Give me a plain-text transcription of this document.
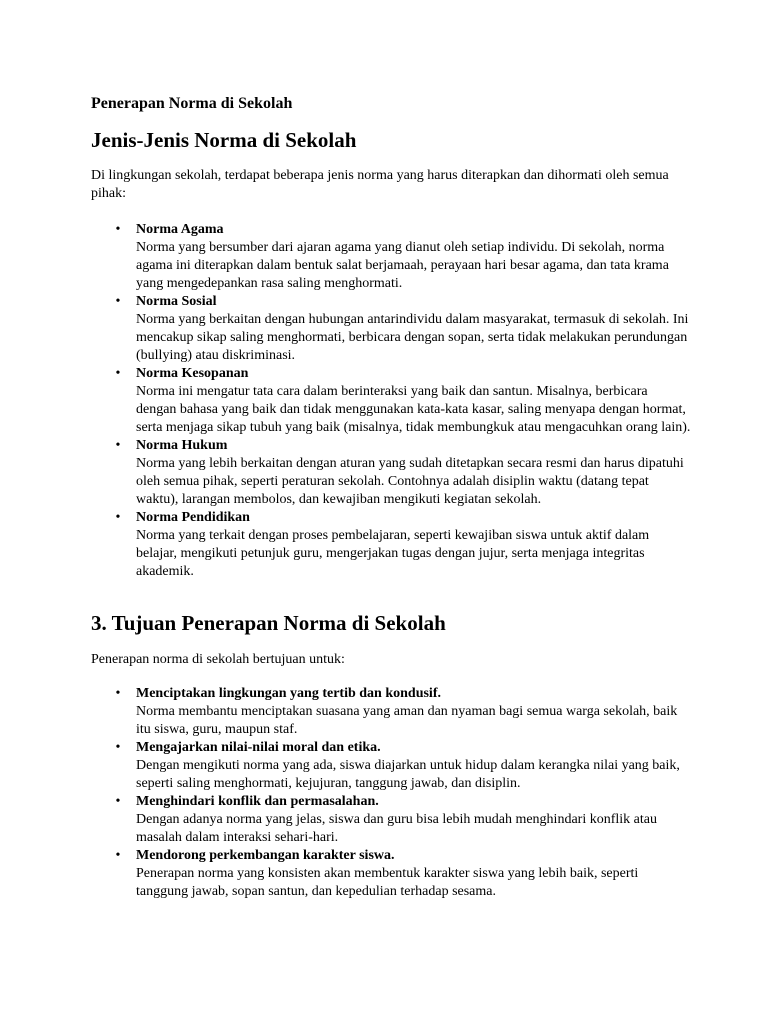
Penerapan Norma di Sekolah
Jenis-Jenis Norma di Sekolah

Di lingkungan sekolah, terdapat beberapa jenis norma yang harus diterapkan dan dihormati oleh semua pihak:

• Norma Agama
Norma yang bersumber dari ajaran agama yang dianut oleh setiap individu. Di sekolah, norma agama ini diterapkan dalam bentuk salat berjamaah, perayaan hari besar agama, dan tata krama yang mengedepankan rasa saling menghormati.
• Norma Sosial
Norma yang berkaitan dengan hubungan antarindividu dalam masyarakat, termasuk di sekolah. Ini mencakup sikap saling menghormati, berbicara dengan sopan, serta tidak melakukan perundungan (bullying) atau diskriminasi.
• Norma Kesopanan
Norma ini mengatur tata cara dalam berinteraksi yang baik dan santun. Misalnya, berbicara dengan bahasa yang baik dan tidak menggunakan kata-kata kasar, saling menyapa dengan hormat, serta menjaga sikap tubuh yang baik (misalnya, tidak membungkuk atau mengacuhkan orang lain).
• Norma Hukum
Norma yang lebih berkaitan dengan aturan yang sudah ditetapkan secara resmi dan harus dipatuhi oleh semua pihak, seperti peraturan sekolah. Contohnya adalah disiplin waktu (datang tepat waktu), larangan membolos, dan kewajiban mengikuti kegiatan sekolah.
• Norma Pendidikan
Norma yang terkait dengan proses pembelajaran, seperti kewajiban siswa untuk aktif dalam belajar, mengikuti petunjuk guru, mengerjakan tugas dengan jujur, serta menjaga integritas akademik.
3. Tujuan Penerapan Norma di Sekolah

Penerapan norma di sekolah bertujuan untuk:

• Menciptakan lingkungan yang tertib dan kondusif.
Norma membantu menciptakan suasana yang aman dan nyaman bagi semua warga sekolah, baik itu siswa, guru, maupun staf.
• Mengajarkan nilai-nilai moral dan etika.
Dengan mengikuti norma yang ada, siswa diajarkan untuk hidup dalam kerangka nilai yang baik, seperti saling menghormati, kejujuran, tanggung jawab, dan disiplin.
• Menghindari konflik dan permasalahan.
Dengan adanya norma yang jelas, siswa dan guru bisa lebih mudah menghindari konflik atau masalah dalam interaksi sehari-hari.
• Mendorong perkembangan karakter siswa.
Penerapan norma yang konsisten akan membentuk karakter siswa yang lebih baik, seperti tanggung jawab, sopan santun, dan kepedulian terhadap sesama.
